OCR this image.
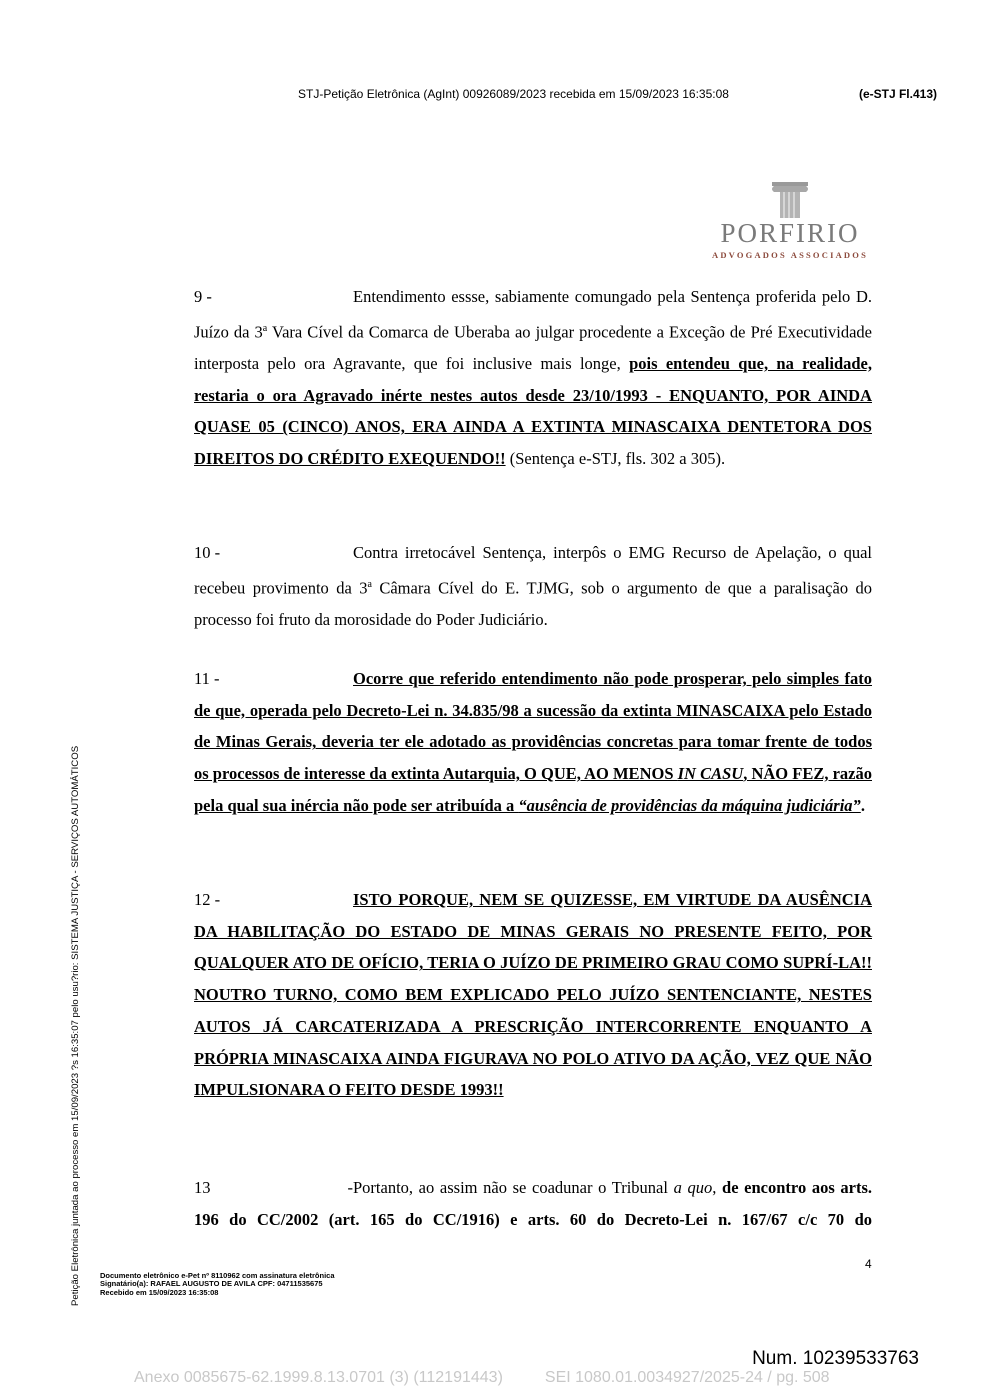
STJ-Petição Eletrônica (AgInt) 00926089/2023 recebida em 15/09/2023 16:35:08	(e-STJ Fl.413)
PORFIRIO
ADVOGADOS ASSOCIADOS

9 -	Entendimento essse, sabiamente comungado pela Sentença proferida pelo D. Juízo da 3$^a$ Vara Cível da Comarca de Uberaba ao julgar procedente a Exceção de Pré Executividade interposta pelo ora Agravante, que foi inclusive mais longe, pois entendeu que, na realidade, restaria o ora Agravado inérte nestes autos desde 23/10/1993 - ENQUANTO, POR AINDA QUASE 05 (CINCO) ANOS, ERA AINDA A EXTINTA MINASCAIXA DENTETORA DOS DIREITOS DO CRÉDITO EXEQUENDO!! (Sentença e-STJ, fls. 302 a 305).

10 -	Contra irretocável Sentença, interpôs o EMG Recurso de Apelação, o qual recebeu provimento da 3$^a$ Câmara Cível do E. TJMG, sob o argumento de que a paralisação do processo foi fruto da morosidade do Poder Judiciário.

11 -	Ocorre que referido entendimento não pode prosperar, pelo simples fato de que, operada pelo Decreto-Lei n. 34.835/98 a sucessão da extinta MINASCAIXA pelo Estado de Minas Gerais, deveria ter ele adotado as providências concretas para tomar frente de todos os processos de interesse da extinta Autarquia, O QUE, AO MENOS IN CASU, NÃO FEZ, razão pela qual sua inércia não pode ser atribuída a “ausência de providências da máquina judiciária”.

12 -	ISTO PORQUE, NEM SE QUIZESSE, EM VIRTUDE DA AUSÊNCIA DA HABILITAÇÃO DO ESTADO DE MINAS GERAIS NO PRESENTE FEITO, POR QUALQUER ATO DE OFÍCIO, TERIA O JUÍZO DE PRIMEIRO GRAU COMO SUPRÍ-LA!! NOUTRO TURNO, COMO BEM EXPLICADO PELO JUÍZO SENTENCIANTE, NESTES AUTOS JÁ CARCATERIZADA A PRESCRIÇÃO INTERCORRENTE ENQUANTO A PRÓPRIA MINASCAIXA AINDA FIGURAVA NO POLO ATIVO DA AÇÃO, VEZ QUE NÃO IMPULSIONARA O FEITO DESDE 1993!!

13 -Portanto, ao assim não se coadunar o Tribunal a quo, de encontro aos arts. 196 do CC/2002 (art. 165 do CC/1916) e arts. 60 do Decreto-Lei n. 167/67 c/c 70 do

4
Documento eletrônico e-Pet nº 8110962 com assinatura eletrônica
Signatário(a): RAFAEL AUGUSTO DE AVILA CPF: 04711535675
Recebido em 15/09/2023 16:35:08
Petição Eletrônica juntada ao processo em 15/09/2023 ?s 16:35:07 pelo usu?rio: SISTEMA JUSTIÇA - SERVIÇOS AUTOMÁTICOS
Num. 10239533763
Anexo 0085675-62.1999.8.13.0701 (3) (112191443)	SEI 1080.01.0034927/2025-24 / pg. 508
